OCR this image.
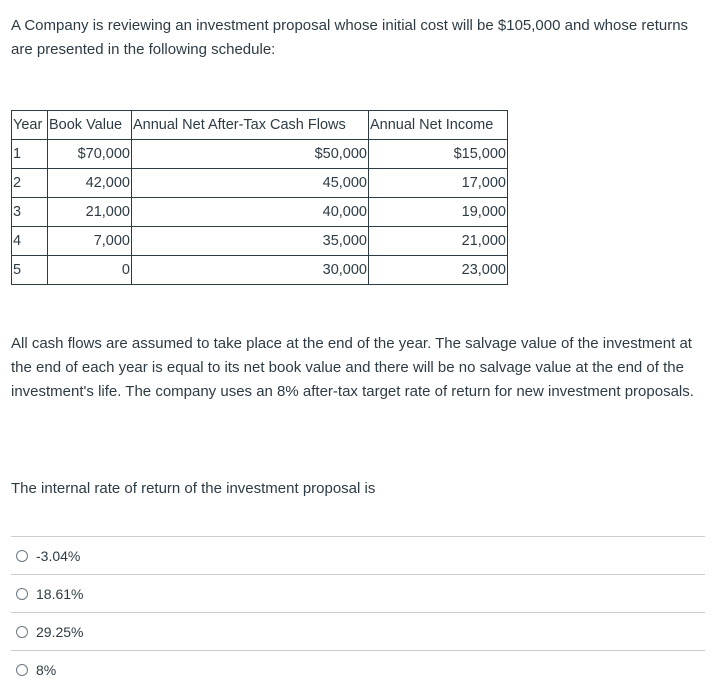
A Company is reviewing an investment proposal whose initial cost will be $105,000 and whose returns are presented in the following schedule:

Year	Book Value	Annual Net After-Tax Cash Flows	Annual Net Income
1	$70,000	$50,000	$15,000
2	42,000	45,000	17,000
3	21,000	40,000	19,000
4	7,000	35,000	21,000
5	0	30,000	23,000

All cash flows are assumed to take place at the end of the year. The salvage value of the investment at the end of each year is equal to its net book value and there will be no salvage value at the end of the investment's life. The company uses an 8% after-tax target rate of return for new investment proposals.

The internal rate of return of the investment proposal is

-3.04%
18.61%
29.25%
8%
